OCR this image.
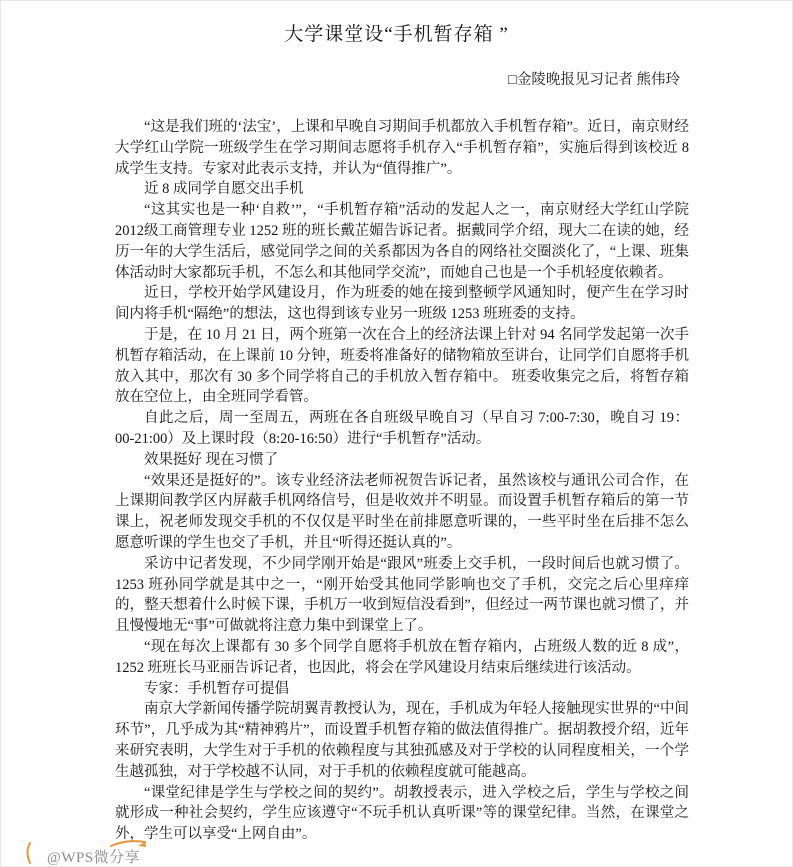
大学课堂设“手机暂存箱 ”
□金陵晚报见习记者 熊伟玲

“这是我们班的‘法宝’，上课和早晚自习期间手机都放入手机暂存箱”。近日，南京财经大学红山学院一班级学生在学习期间志愿将手机存入“手机暂存箱”，实施后得到该校近 8 成学生支持。专家对此表示支持，并认为“值得推广”。

近 8 成同学自愿交出手机

“这其实也是一种‘自救’”，“手机暂存箱”活动的发起人之一，南京财经大学红山学院2012级工商管理专业 1252 班的班长戴芷媚告诉记者。据戴同学介绍，现大二在读的她，经历一年的大学生活后，感觉同学之间的关系都因为各自的网络社交圈淡化了，“上课、班集体活动时大家都玩手机，不怎么和其他同学交流”，而她自己也是一个手机轻度依赖者。

近日，学校开始学风建设月，作为班委的她在接到整顿学风通知时，便产生在学习时间内将手机“隔绝”的想法，这也得到该专业另一班级 1253 班班委的支持。

于是，在 10 月 21 日，两个班第一次在合上的经济法课上针对 94 名同学发起第一次手机暂存箱活动，在上课前 10 分钟，班委将准备好的储物箱放至讲台，让同学们自愿将手机放入其中，那次有 30 多个同学将自己的手机放入暂存箱中。 班委收集完之后，将暂存箱放在空位上，由全班同学看管。

自此之后，周一至周五，两班在各自班级早晚自习（早自习 7:00-7:30，晚自习 19：00-21:00）及上课时段（8:20-16:50）进行“手机暂存”活动。

效果挺好 现在习惯了

“效果还是挺好的”。该专业经济法老师祝贺告诉记者，虽然该校与通讯公司合作，在上课期间教学区内屏蔽手机网络信号，但是收效并不明显。而设置手机暂存箱后的第一节课上，祝老师发现交手机的不仅仅是平时坐在前排愿意听课的，一些平时坐在后排不怎么愿意听课的学生也交了手机，并且“听得还挺认真的”。

采访中记者发现，不少同学刚开始是“跟风”班委上交手机，一段时间后也就习惯了。1253 班孙同学就是其中之一，“刚开始受其他同学影响也交了手机，交完之后心里痒痒的，整天想着什么时候下课，手机万一收到短信没看到”，但经过一两节课也就习惯了，并且慢慢地无“事”可做就将注意力集中到课堂上了。

“现在每次上课都有 30 多个同学自愿将手机放在暂存箱内，占班级人数的近 8 成”，1252 班班长马亚丽告诉记者，也因此，将会在学风建设月结束后继续进行该活动。

专家：手机暂存可提倡

南京大学新闻传播学院胡翼青教授认为，现在，手机成为年轻人接触现实世界的“中间环节”，几乎成为其“精神鸦片”，而设置手机暂存箱的做法值得推广。据胡教授介绍，近年来研究表明，大学生对于手机的依赖程度与其独孤感及对于学校的认同程度相关，一个学生越孤独，对于学校越不认同，对于手机的依赖程度就可能越高。

“课堂纪律是学生与学校之间的契约”。胡教授表示，进入学校之后，学生与学校之间就形成一种社会契约，学生应该遵守“不玩手机认真听课”等的课堂纪律。当然，在课堂之外，学生可以享受“上网自由”。

@WPS微分享
